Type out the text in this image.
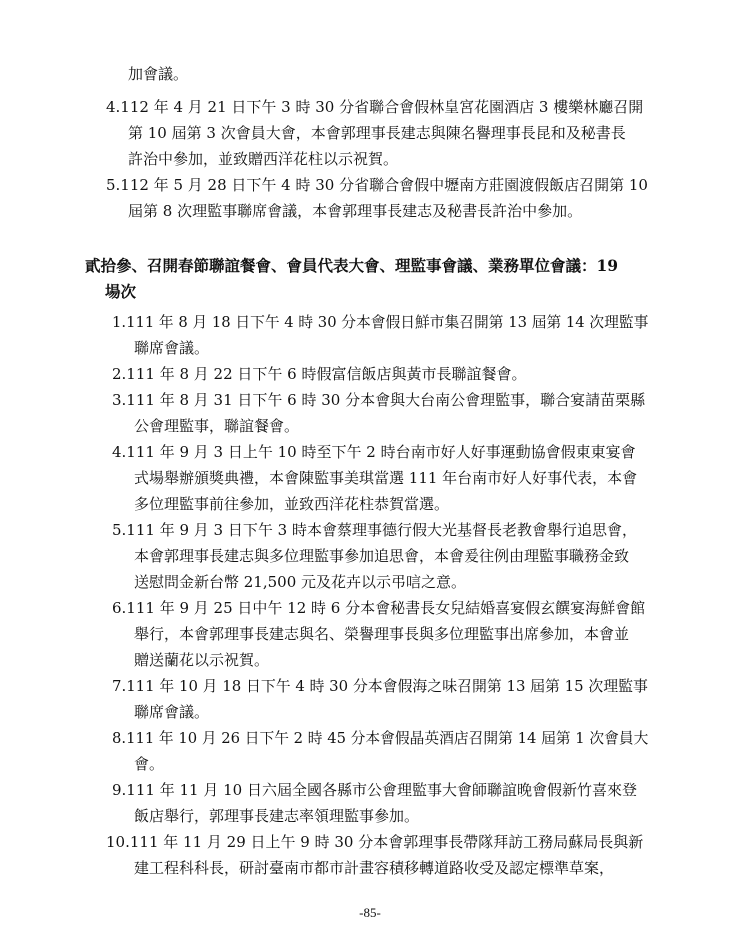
加會議。
4.112 年 4 月 21 日下午 3 時 30 分省聯合會假林皇宮花園酒店 3 樓樂林廳召開
第 10 屆第 3 次會員大會，本會郭理事長建志與陳名譽理事長昆和及秘書長
許治中參加，並致贈西洋花柱以示祝賀。
5.112 年 5 月 28 日下午 4 時 30 分省聯合會假中壢南方莊園渡假飯店召開第 10
屆第 8 次理監事聯席會議，本會郭理事長建志及秘書長許治中參加。
貳拾參、召開春節聯誼餐會、會員代表大會、理監事會議、業務單位會議：19
場次
1.111 年 8 月 18 日下午 4 時 30 分本會假日鮮市集召開第 13 屆第 14 次理監事
聯席會議。
2.111 年 8 月 22 日下午 6 時假富信飯店與黃市長聯誼餐會。
3.111 年 8 月 31 日下午 6 時 30 分本會與大台南公會理監事，聯合宴請苗栗縣
公會理監事，聯誼餐會。
4.111 年 9 月 3 日上午 10 時至下午 2 時台南市好人好事運動協會假東東宴會
式場舉辦頒獎典禮，本會陳監事美琪當選 111 年台南市好人好事代表，本會
多位理監事前往參加，並致西洋花柱恭賀當選。
5.111 年 9 月 3 日下午 3 時本會蔡理事德行假大光基督長老教會舉行追思會，
本會郭理事長建志與多位理監事參加追思會，本會爰往例由理監事職務金致
送慰問金新台幣 21,500 元及花卉以示弔唁之意。
6.111 年 9 月 25 日中午 12 時 6 分本會秘書長女兒結婚喜宴假玄饌宴海鮮會館
舉行，本會郭理事長建志與名、榮譽理事長與多位理監事出席參加，本會並
贈送蘭花以示祝賀。
7.111 年 10 月 18 日下午 4 時 30 分本會假海之味召開第 13 屆第 15 次理監事
聯席會議。
8.111 年 10 月 26 日下午 2 時 45 分本會假晶英酒店召開第 14 屆第 1 次會員大
會。
9.111 年 11 月 10 日六屆全國各縣市公會理監事大會師聯誼晚會假新竹喜來登
飯店舉行，郭理事長建志率領理監事參加。
10.111 年 11 月 29 日上午 9 時 30 分本會郭理事長帶隊拜訪工務局蘇局長與新
建工程科科長，研討臺南市都市計畫容積移轉道路收受及認定標準草案，
-85-
